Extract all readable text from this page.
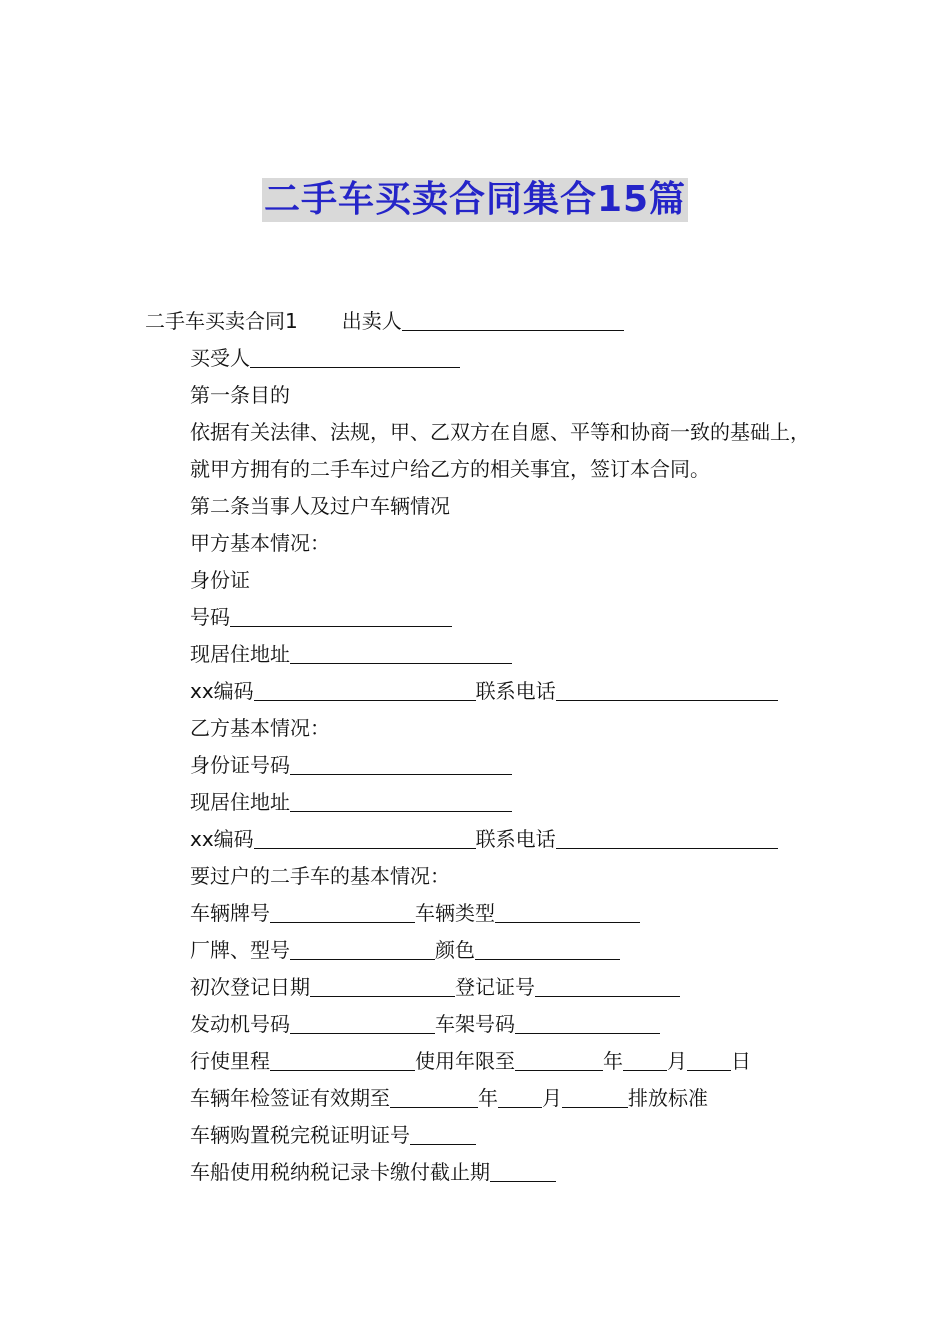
二手车买卖合同集合15篇
二手车买卖合同1 出卖人
买受人
第一条目的
依据有关法律、法规，甲、乙双方在自愿、平等和协商一致的基础上，就甲方拥有的二手车过户给乙方的相关事宜，签订本合同。
第二条当事人及过户车辆情况
甲方基本情况：
身份证
号码
现居住地址
xx编码	联系电话
乙方基本情况：
身份证号码
现居住地址
xx编码	联系电话
要过户的二手车的基本情况：
车辆牌号	车辆类型
厂牌、型号	颜色
初次登记日期	登记证号
发动机号码	车架号码
行使里程	使用年限至	年 月 日
车辆年检签证有效期至	年 月	排放标准
车辆购置税完税证明证号
车船使用税纳税记录卡缴付截止期
